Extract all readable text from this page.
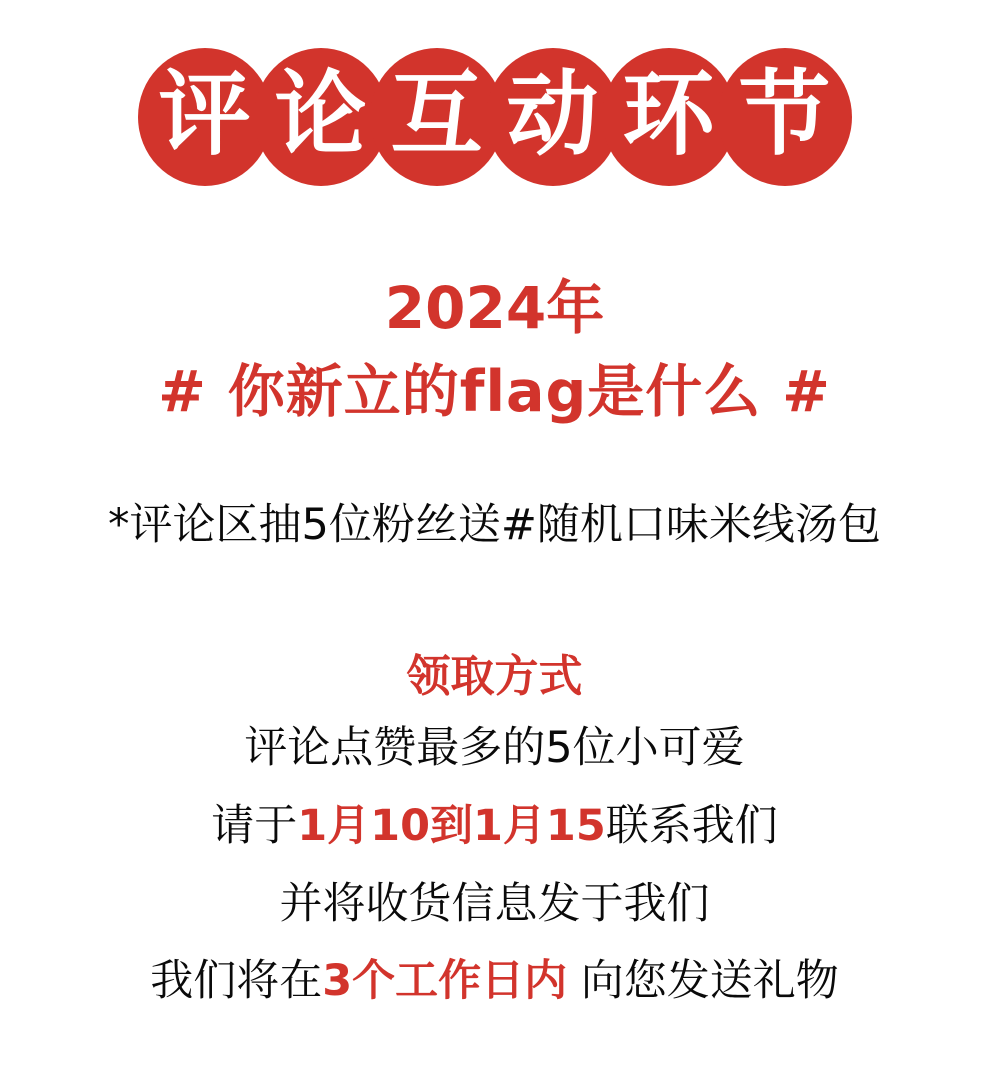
评 论 互 动 环 节
2024年
# 你新立的flag是什么 #
*评论区抽5位粉丝送#随机口味米线汤包
领取方式
评论点赞最多的5位小可爱
请于1月10到1月15联系我们
并将收货信息发于我们
我们将在3个工作日内 向您发送礼物
